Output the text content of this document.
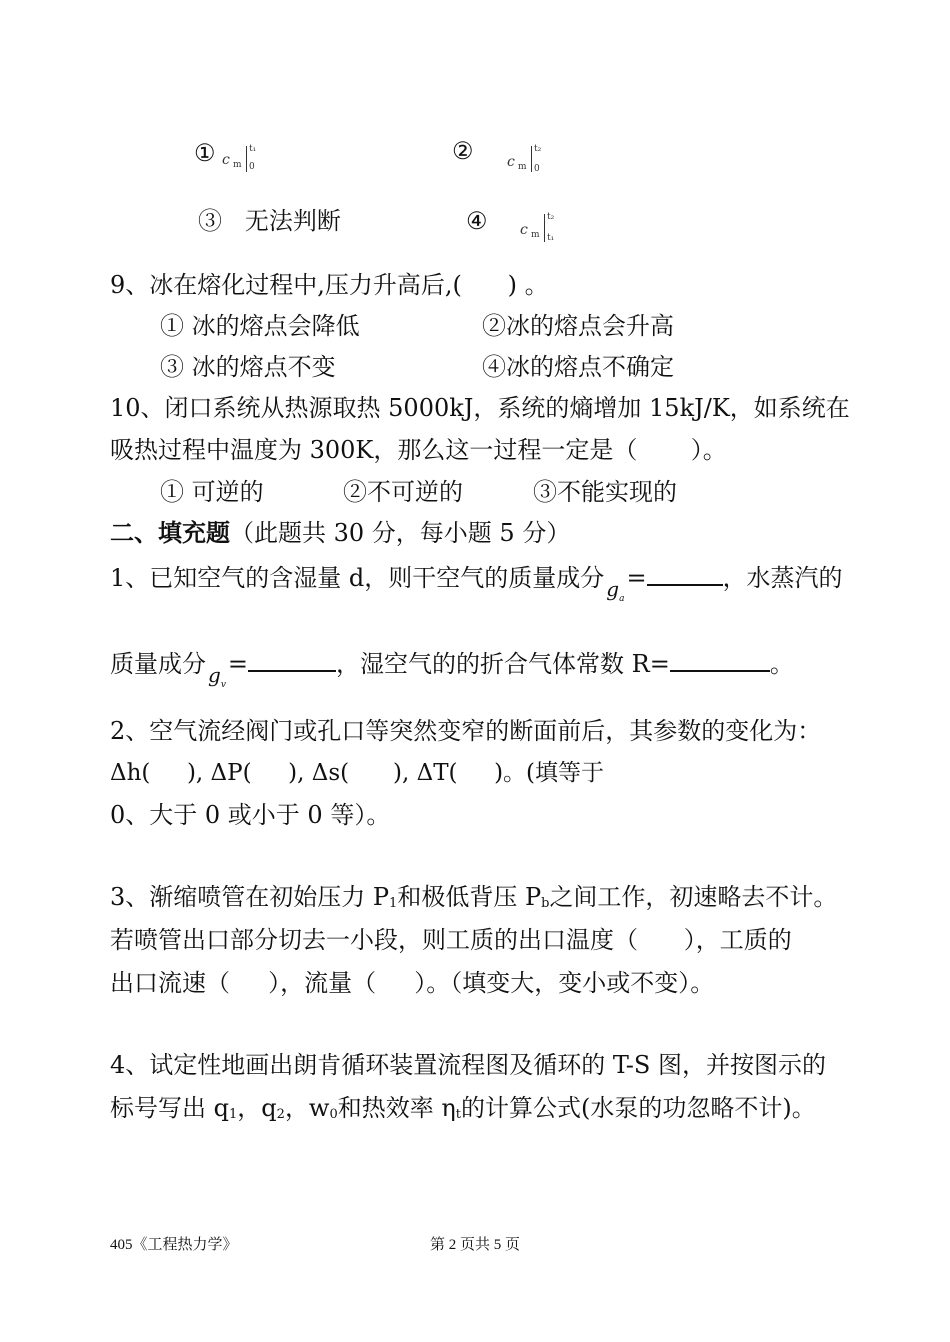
① c m
t₁
0
② c m
t₂
0
③   无法判断	④ c m
t₂
t₁
9、冰在熔化过程中,压力升高后,(      ) 。
① 冰的熔点会降低	②冰的熔点会升高
③ 冰的熔点不变	④冰的熔点不确定
10、闭口系统从热源取热 5000kJ，系统的熵增加 15kJ/K，如系统在
吸热过程中温度为 300K，那么这一过程一定是（       ）。
① 可逆的	②不可逆的	③不能实现的
二、填充题（此题共 30 分，每小题 5 分）
1、已知空气的含湿量 d，则干空气的质量成分 $g_a=$	，水蒸汽的
质量成分 $g_v=$	，湿空气的的折合气体常数 R=	。
2、空气流经阀门或孔口等突然变窄的断面前后，其参数的变化为：
Δh(     ), ΔP(     ), Δs(      ), ΔT(     )。(填等于
0、大于 0 或小于 0 等）。
3、渐缩喷管在初始压力 $P_1$和极低背压 $P_b$之间工作，初速略去不计。
若喷管出口部分切去一小段，则工质的出口温度（      ），工质的
出口流速（     ），流量（     ）。（填变大，变小或不变）。
4、试定性地画出朗肯循环装置流程图及循环的 T-S 图，并按图示的
标号写出 $q_1$，$q_2$，$w_0$和热效率 $\eta_t$的计算公式(水泵的功忽略不计)。
405《工程热力学》	第 2 页共 5 页
